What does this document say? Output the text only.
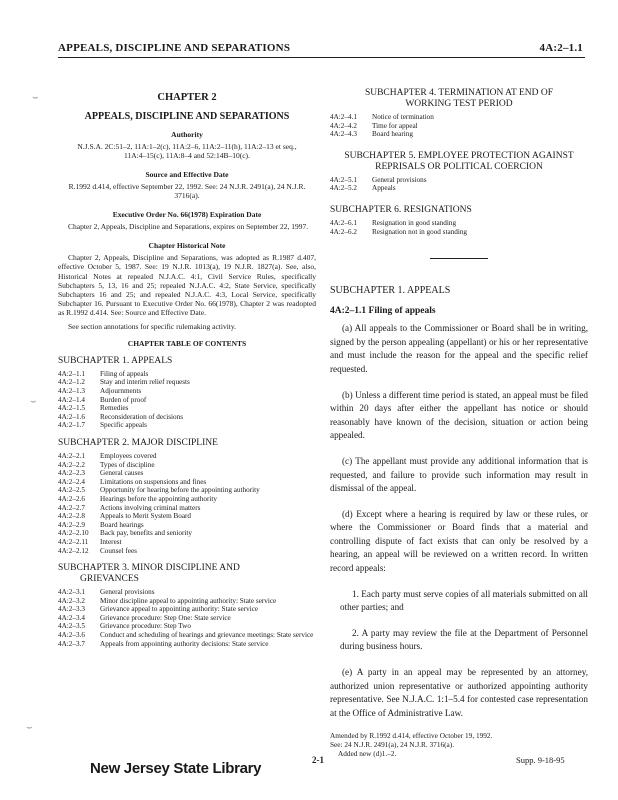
APPEALS, DISCIPLINE AND SEPARATIONS	4A:2–1.1
CHAPTER 2
APPEALS, DISCIPLINE AND SEPARATIONS
Authority
N.J.S.A. 2C:51–2, 11A:1–2(c), 11A:2–6, 11A:2–11(h), 11A:2–13 et seq., 11A:4–15(c), 11A:8–4 and 52:14B–10(c).
Source and Effective Date
R.1992 d.414, effective September 22, 1992. See: 24 N.J.R. 2491(a), 24 N.J.R. 3716(a).
Executive Order No. 66(1978) Expiration Date
Chapter 2, Appeals, Discipline and Separations, expires on September 22, 1997.
Chapter Historical Note
Chapter 2, Appeals, Discipline and Separations, was adopted as R.1987 d.407, effective October 5, 1987. See: 19 N.J.R. 1013(a), 19 N.J.R. 1827(a). See, also, Historical Notes at repealed N.J.A.C. 4:1, Civil Service Rules, specifically Subchapters 5, 13, 16 and 25; repealed N.J.A.C. 4:2, State Service, specifically Subchapters 16 and 25; and repealed N.J.A.C. 4:3, Local Service, specifically Subchapter 16. Pursuant to Executive Order No. 66(1978), Chapter 2 was readopted as R.1992 d.414. See: Source and Effective Date.
See section annotations for specific rulemaking activity.
CHAPTER TABLE OF CONTENTS
SUBCHAPTER 1. APPEALS
4A:2–1.1	Filing of appeals
4A:2–1.2	Stay and interim relief requests
4A:2–1.3	Adjournments
4A:2–1.4	Burden of proof
4A:2–1.5	Remedies
4A:2–1.6	Reconsideration of decisions
4A:2–1.7	Specific appeals
SUBCHAPTER 2. MAJOR DISCIPLINE
4A:2–2.1	Employees covered
4A:2–2.2	Types of discipline
4A:2–2.3	General causes
4A:2–2.4	Limitations on suspensions and fines
4A:2–2.5	Opportunity for hearing before the appointing authority
4A:2–2.6	Hearings before the appointing authority
4A:2–2.7	Actions involving criminal matters
4A:2–2.8	Appeals to Merit System Board
4A:2–2.9	Board hearings
4A:2–2.10	Back pay, benefits and seniority
4A:2–2.11	Interest
4A:2–2.12	Counsel fees
SUBCHAPTER 3. MINOR DISCIPLINE AND
GRIEVANCES
4A:2–3.1	General provisions
4A:2–3.2	Minor discipline appeal to appointing authority: State service
4A:2–3.3	Grievance appeal to appointing authority: State service
4A:2–3.4	Grievance procedure: Step One: State service
4A:2–3.5	Grievance procedure: Step Two
4A:2–3.6	Conduct and scheduling of hearings and grievance meetings: State service
4A:2–3.7	Appeals from appointing authority decisions: State service
SUBCHAPTER 4. TERMINATION AT END OF
WORKING TEST PERIOD
4A:2–4.1	Notice of termination
4A:2–4.2	Time for appeal
4A:2–4.3	Board hearing
SUBCHAPTER 5. EMPLOYEE PROTECTION AGAINST
REPRISALS OR POLITICAL COERCION
4A:2–5.1	General provisions
4A:2–5.2	Appeals
SUBCHAPTER 6. RESIGNATIONS
4A:2–6.1	Resignation in good standing
4A:2–6.2	Resignation not in good standing
SUBCHAPTER 1. APPEALS
4A:2–1.1 Filing of appeals
(a) All appeals to the Commissioner or Board shall be in writing, signed by the person appealing (appellant) or his or her representative and must include the reason for the appeal and the specific relief requested.
(b) Unless a different time period is stated, an appeal must be filed within 20 days after either the appellant has notice or should reasonably have known of the decision, situation or action being appealed.
(c) The appellant must provide any additional information that is requested, and failure to provide such information may result in dismissal of the appeal.
(d) Except where a hearing is required by law or these rules, or where the Commissioner or Board finds that a material and controlling dispute of fact exists that can only be resolved by a hearing, an appeal will be reviewed on a written record. In written record appeals:
1. Each party must serve copies of all materials submitted on all other parties; and
2. A party may review the file at the Department of Personnel during business hours.
(e) A party in an appeal may be represented by an attorney, authorized union representative or authorized appointing authority representative. See N.J.A.C. 1:1–5.4 for contested case representation at the Office of Administrative Law.
Amended by R.1992 d.414, effective October 19, 1992.
See: 24 N.J.R. 2491(a), 24 N.J.R. 3716(a).
Added new (d)1.–2.
New Jersey State Library	2-1	Supp. 9-18-95
⌣
⌣
⌣
